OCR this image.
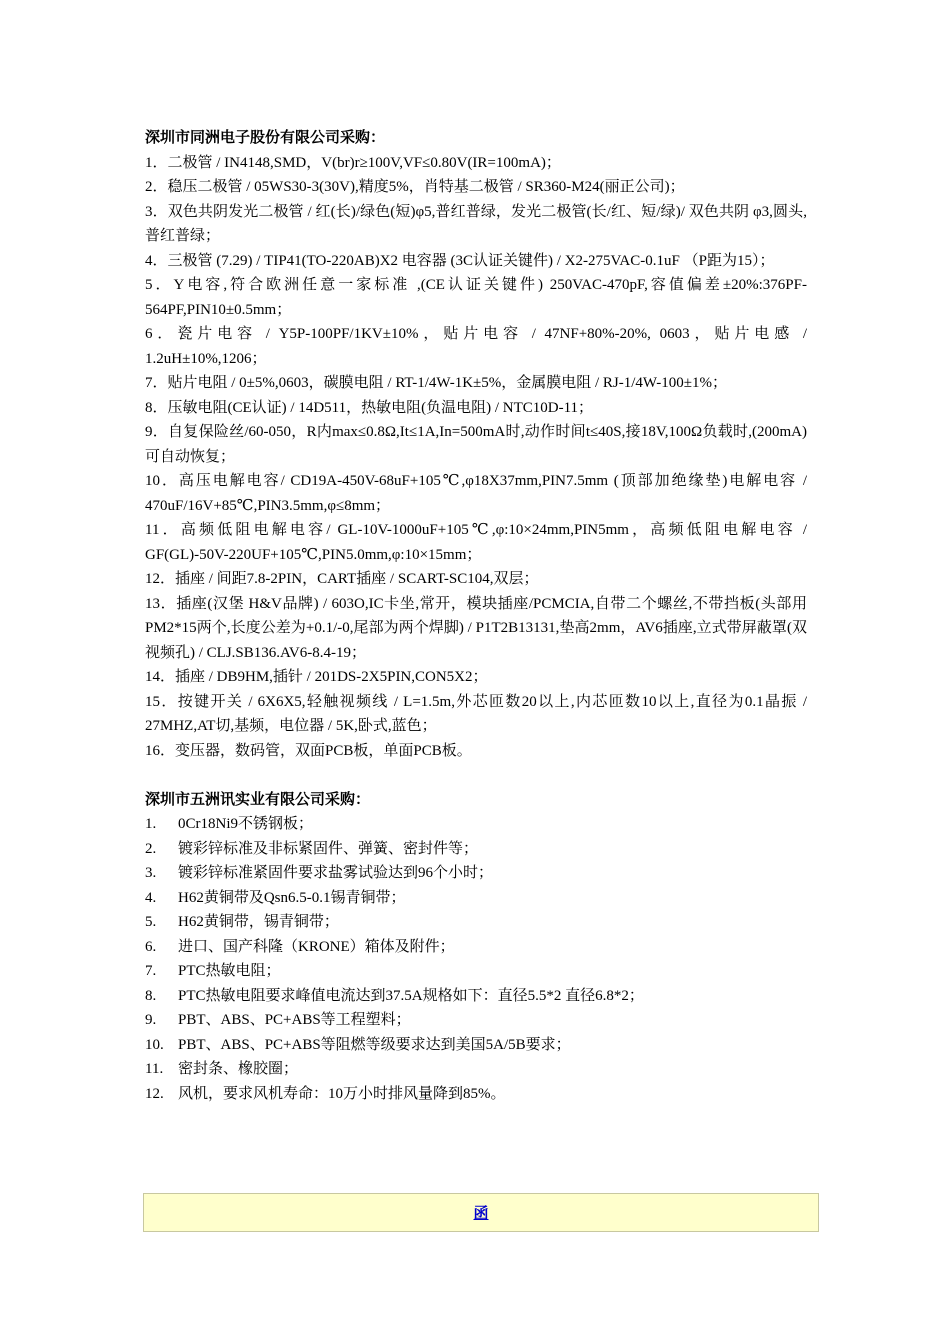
深圳市同洲电子股份有限公司采购：

1．二极管 / IN4148,SMD，V(br)r≥100V,VF≤0.80V(IR=100mA)；

2．稳压二极管 / 05WS30-3(30V),精度5%，肖特基二极管 / SR360-M24(丽正公司)；

3．双色共阴发光二极管 / 红(长)/绿色(短)φ5,普红普绿，发光二极管(长/红、短/绿)/ 双色共阴 φ3,圆头,普红普绿；

4．三极管 (7.29) / TIP41(TO-220AB)X2 电容器 (3C认证关键件) / X2-275VAC-0.1uF （P距为15）；

5．Y电容,符合欧洲任意一家标准 ,(CE认证关键件) 250VAC-470pF,容值偏差±20%:376PF-564PF,PIN10±0.5mm；

6．瓷片电容 / Y5P-100PF/1KV±10%，贴片电容 / 47NF+80%-20%, 0603，贴片电感 / 1.2uH±10%,1206；

7．贴片电阻 / 0±5%,0603，碳膜电阻 / RT-1/4W-1K±5%，金属膜电阻 / RJ-1/4W-100±1%；

8．压敏电阻(CE认证) / 14D511，热敏电阻(负温电阻) / NTC10D-11；

9．自复保险丝/60-050，R内max≤0.8Ω,It≤1A,In=500mA时,动作时间t≤40S,接18V,100Ω负载时,(200mA)可自动恢复；

10．高压电解电容/ CD19A-450V-68uF+105℃,φ18X37mm,PIN7.5mm (顶部加绝缘垫)电解电容 / 470uF/16V+85℃,PIN3.5mm,φ≤8mm；

11．高频低阻电解电容/ GL-10V-1000uF+105℃,φ:10×24mm,PIN5mm，高频低阻电解电容 / GF(GL)-50V-220UF+105℃,PIN5.0mm,φ:10×15mm；

12．插座 / 间距7.8-2PIN，CART插座 / SCART-SC104,双层；

13．插座(汉堡 H&V品牌) / 603O,IC卡坐,常开，模块插座/PCMCIA,自带二个螺丝,不带挡板(头部用PM2*15两个,长度公差为+0.1/-0,尾部为两个焊脚) / P1T2B13131,垫高2mm，AV6插座,立式带屏蔽罩(双视频孔) / CLJ.SB136.AV6-8.4-19；

14．插座 / DB9HM,插针 / 201DS-2X5PIN,CON5X2；

15．按键开关 / 6X6X5,轻触视频线 / L=1.5m,外芯匝数20以上,内芯匝数10以上,直径为0.1晶振 / 27MHZ,AT切,基频，电位器 / 5K,卧式,蓝色；

16．变压器，数码管，双面PCB板，单面PCB板。

深圳市五洲讯实业有限公司采购：

1.	0Cr18Ni9不锈钢板；
2.	镀彩锌标准及非标紧固件、弹簧、密封件等；
3.	镀彩锌标准紧固件要求盐雾试验达到96个小时；
4.	H62黄铜带及Qsn6.5-0.1锡青铜带；
5.	H62黄铜带，锡青铜带；
6.	进口、国产科隆（KRONE）箱体及附件；
7.	PTC热敏电阻；
8.	PTC热敏电阻要求峰值电流达到37.5A规格如下：直径5.5*2 直径6.8*2；
9.	PBT、ABS、PC+ABS等工程塑料；
10. PBT、ABS、PC+ABS等阻燃等级要求达到美国5A/5B要求；
11. 密封条、橡胶圈；
12. 风机，要求风机寿命：10万小时排风量降到85%。
函
